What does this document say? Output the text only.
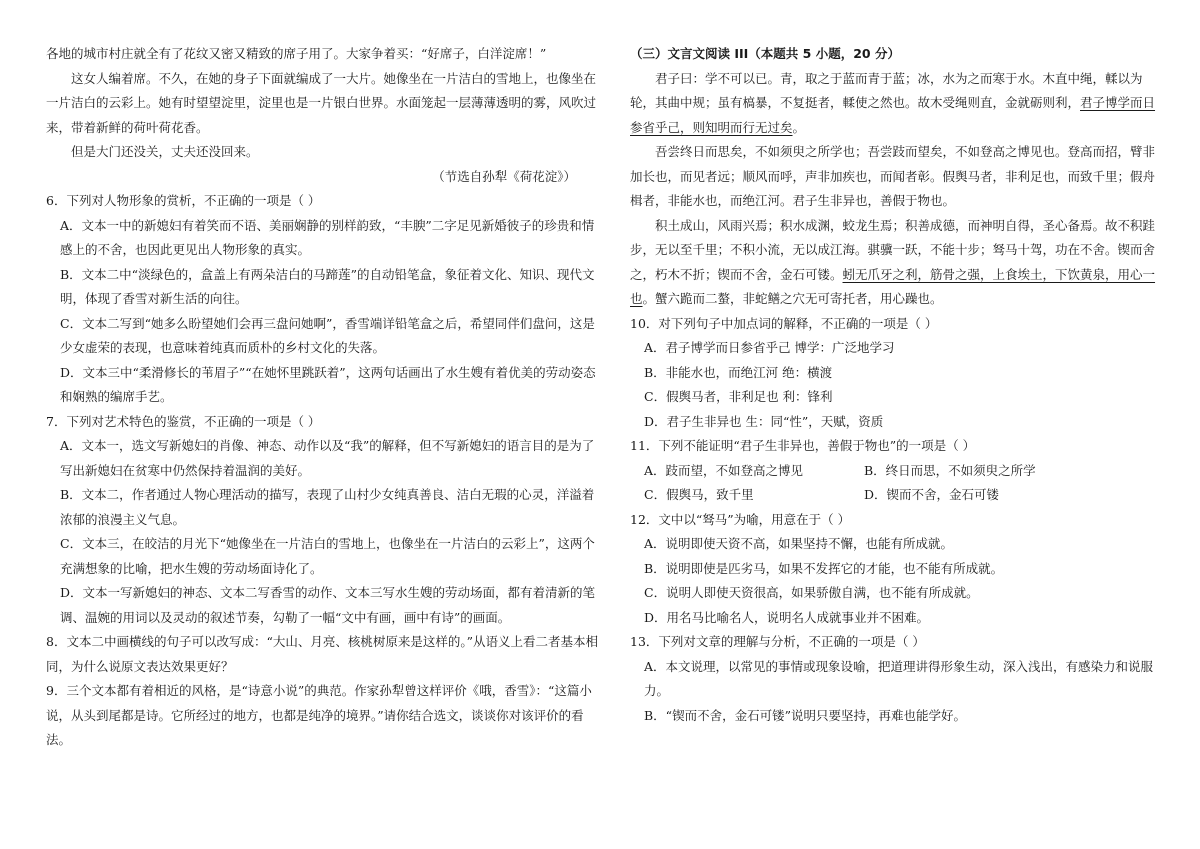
各地的城市村庄就全有了花纹又密又精致的席子用了。大家争着买：“好席子，白洋淀席！”

这女人编着席。不久，在她的身子下面就编成了一大片。她像坐在一片洁白的雪地上，也像坐在一片洁白的云彩上。她有时望望淀里，淀里也是一片银白世界。水面笼起一层薄薄透明的雾，风吹过来，带着新鲜的荷叶荷花香。

但是大门还没关，丈夫还没回来。

（节选自孙犁《荷花淀》）

6．下列对人物形象的赏析，不正确的一项是（ ）

A．文本一中的新媳妇有着笑而不语、美丽娴静的别样韵致，“丰腴”二字足见新婚彼子的珍贵和情感上的不舍，也因此更见出人物形象的真实。

B．文本二中“淡绿色的，盒盖上有两朵洁白的马蹄莲”的自动铅笔盒，象征着文化、知识、现代文明，体现了香雪对新生活的向往。

C．文本二写到“她多么盼望她们会再三盘问她啊”，香雪端详铅笔盒之后，希望同伴们盘问，这是少女虚荣的表现，也意味着纯真而质朴的乡村文化的失落。

D．文本三中“柔滑修长的苇眉子”“在她怀里跳跃着”，这两句话画出了水生嫂有着优美的劳动姿态和娴熟的编席手艺。

7．下列对艺术特色的鉴赏，不正确的一项是（ ）

A．文本一，选文写新媳妇的肖像、神态、动作以及“我”的解释，但不写新媳妇的语言目的是为了写出新媳妇在贫寒中仍然保持着温润的美好。

B．文本二，作者通过人物心理活动的描写，表现了山村少女纯真善良、洁白无瑕的心灵，洋溢着浓郁的浪漫主义气息。

C．文本三，在皎洁的月光下“她像坐在一片洁白的雪地上，也像坐在一片洁白的云彩上”，这两个充满想象的比喻，把水生嫂的劳动场面诗化了。

D．文本一写新媳妇的神态、文本二写香雪的动作、文本三写水生嫂的劳动场面，都有着清新的笔调、温婉的用词以及灵动的叙述节奏，勾勒了一幅“文中有画，画中有诗”的画面。

8．文本二中画横线的句子可以改写成：“大山、月亮、核桃树原来是这样的。”从语义上看二者基本相同，为什么说原文表达效果更好？

9．三个文本都有着相近的风格，是“诗意小说”的典范。作家孙犁曾这样评价《哦，香雪》：“这篇小说，从头到尾都是诗。它所经过的地方，也都是纯净的境界。”请你结合选文，谈谈你对该评价的看法。

（三）文言文阅读 III（本题共 5 小题，20 分）

君子曰：学不可以已。青，取之于蓝而青于蓝；冰，水为之而寒于水。木直中绳，輮以为轮，其曲中规；虽有槁暴，不复挺者，輮使之然也。故木受绳则直，金就砺则利，君子博学而日参省乎己，则知明而行无过矣。

吾尝终日而思矣，不如须臾之所学也；吾尝跂而望矣，不如登高之博见也。登高而招，臂非加长也，而见者远；顺风而呼，声非加疾也，而闻者彰。假舆马者，非利足也，而致千里；假舟楫者，非能水也，而绝江河。君子生非异也，善假于物也。

积土成山，风雨兴焉；积水成渊，蛟龙生焉；积善成德，而神明自得，圣心备焉。故不积跬步，无以至千里；不积小流，无以成江海。骐骥一跃，不能十步；驽马十驾，功在不舍。锲而舍之，朽木不折；锲而不舍，金石可镂。蚓无爪牙之利，筋骨之强，上食埃土，下饮黄泉，用心一也。蟹六跪而二螯，非蛇鳝之穴无可寄托者，用心躁也。

10．对下列句子中加点词的解释，不正确的一项是（ ）

A．君子博学而日参省乎己 博学：广泛地学习

B．非能水也，而绝江河 绝：横渡

C．假舆马者，非利足也 利：锋利

D．君子生非异也 生：同“性”，天赋，资质

11．下列不能证明“君子生非异也，善假于物也”的一项是（ ）

A．跂而望，不如登高之博见	B．终日而思，不如须臾之所学

C．假舆马，致千里	D．锲而不舍，金石可镂

12．文中以“驽马”为喻，用意在于（ ）

A．说明即使天资不高，如果坚持不懈，也能有所成就。

B．说明即使是匹劣马，如果不发挥它的才能，也不能有所成就。

C．说明人即使天资很高，如果骄傲自满，也不能有所成就。

D．用名马比喻名人，说明名人成就事业并不困难。

13．下列对文章的理解与分析，不正确的一项是（ ）

A．本文说理，以常见的事情或现象设喻，把道理讲得形象生动，深入浅出，有感染力和说服力。

B．“锲而不舍，金石可镂”说明只要坚持，再难也能学好。
